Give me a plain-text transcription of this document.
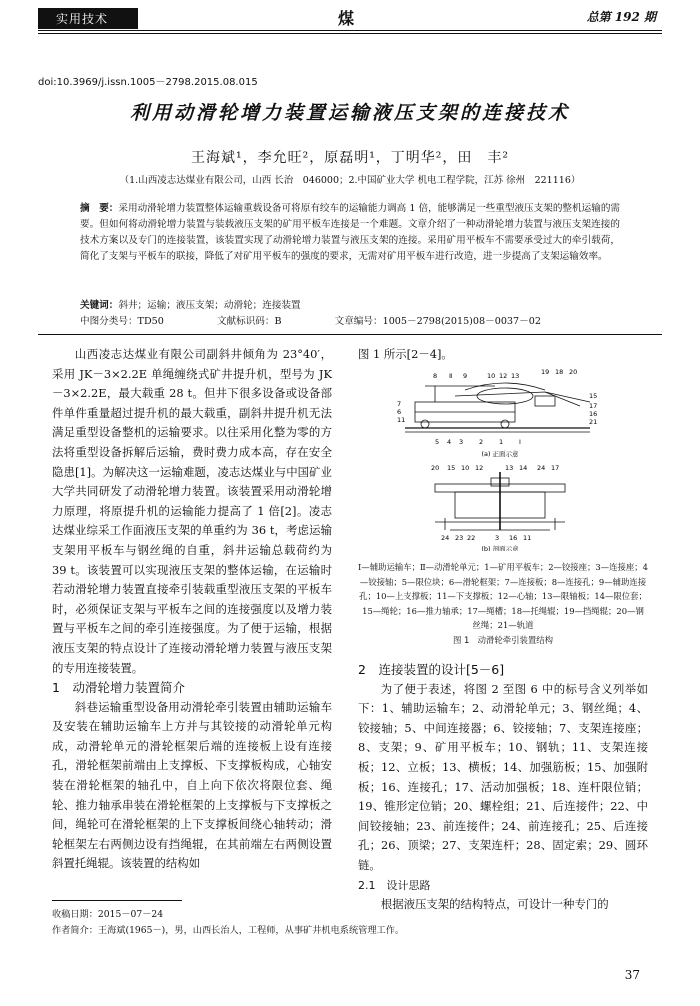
实用技术	煤	总第 192 期
doi:10.3969/j.issn.1005－2798.2015.08.015
利用动滑轮增力装置运输液压支架的连接技术
王海斌¹，李允旺²，原磊明¹，丁明华²，田　丰²
（1.山西凌志达煤业有限公司，山西 长治　046000；2.中国矿业大学 机电工程学院，江苏 徐州　221116）
摘　要：采用动滑轮增力装置整体运输重载设备可将原有绞车的运输能力调高 1 倍，能够满足一些重型液压支架的整机运输的需要。但如何将动滑轮增力装置与装载液压支架的矿用平板车连接是一个难题。文章介绍了一种动滑轮增力装置与液压支架连接的技术方案以及专门的连接装置，该装置实现了动滑轮增力装置与液压支架的连接。采用矿用平板车不需要承受过大的牵引载荷，简化了支架与平板车的联接，降低了对矿用平板车的强度的要求，无需对矿用平板车进行改造，进一步提高了支架运输效率。
关键词：斜井；运输；液压支架；动滑轮；连接装置
中图分类号：TD50	文献标识码：B	文章编号：1005－2798(2015)08－0037－02

山西凌志达煤业有限公司副斜井倾角为 23°40′，采用 JK－3×2.2E 单绳缠绕式矿井提升机，型号为 JK－3×2.2E，最大载重 28 t。但井下很多设备或设备部件单件重量超过提升机的最大载重，副斜井提升机无法满足重型设备整机的运输要求。以往采用化整为零的方法将重型设备拆解后运输，费时费力成本高，存在安全隐患[1]。为解决这一运输难题，凌志达煤业与中国矿业大学共同研发了动滑轮增力装置。该装置采用动滑轮增力原理，将原提升机的运输能力提高了 1 倍[2]。凌志达煤业综采工作面液压支架的单重约为 36 t，考虑运输支架用平板车与钢丝绳的自重，斜井运输总载荷约为 39 t。该装置可以实现液压支架的整体运输，在运输时若动滑轮增力装置直接牵引装载重型液压支架的平板车时，必须保证支架与平板车之间的连接强度以及增力装置与平板车之间的牵引连接强度。为了便于运输，根据液压支架的特点设计了连接动滑轮增力装置与液压支架的专用连接装置。

1　动滑轮增力装置简介

斜巷运输重型设备用动滑轮牵引装置由辅助运输车及安装在辅助运输车上方并与其铰接的动滑轮单元构成，动滑轮单元的滑轮框架后端的连接板上设有连接孔，滑轮框架前端由上支撑板、下支撑板构成，心轴安装在滑轮框架的轴孔中，自上向下依次将限位套、绳轮、推力轴承串装在滑轮框架的上支撑板与下支撑板之间，绳轮可在滑轮框架的上下支撑板间绕心轴转动；滑轮框架左右两侧边设有挡绳辊，在其前端左右两侧设置斜置托绳辊。该装置的结构如

图 1 所示[2－4]。

8 Ⅱ 9	10 12 13	19 18 20
15
17
16
21
7
6
11
5 4 3 2 1 Ⅰ
(a) 正面示意
20 15 10 12	13 14 24 17
24 23 22	3 16 11
(b) 剖面示意
Ⅰ—辅助运输车；Ⅱ—动滑轮单元；1—矿用平板车；2—铰接座；3—连接座；4—铰接轴；5—限位块；6—滑轮框架；7—连接板；8—连接孔；9—辅助连接孔；10—上支撑板；11—下支撑板；12—心轴；13—限轴板；14—限位套；15—绳轮；16—推力轴承；17—绳槽；18—托绳辊；19—挡绳辊；20—钢丝绳；21—轨道
图 1　动滑轮牵引装置结构

2　连接装置的设计[5－6]

为了便于表述，将图 2 至图 6 中的标号含义列举如下：1、辅助运输车；2、动滑轮单元；3、钢丝绳；4、铰接轴；5、中间连接器；6、铰接轴；7、支架连接座；8、支架；9、矿用平板车；10、钢轨；11、支架连接板；12、立板；13、横板；14、加强筋板；15、加强附板；16、连接孔；17、活动加强板；18、连杆限位销；19、锥形定位销；20、螺栓组；21、后连接件；22、中间铰接轴；23、前连接件；24、前连接孔；25、后连接孔；26、顶梁；27、支架连杆；28、固定索；29、圆环链。

2.1　设计思路

根据液压支架的结构特点，可设计一种专门的

收稿日期：2015－07－24
作者简介：王海斌(1965－)，男，山西长治人，工程师，从事矿井机电系统管理工作。
37
